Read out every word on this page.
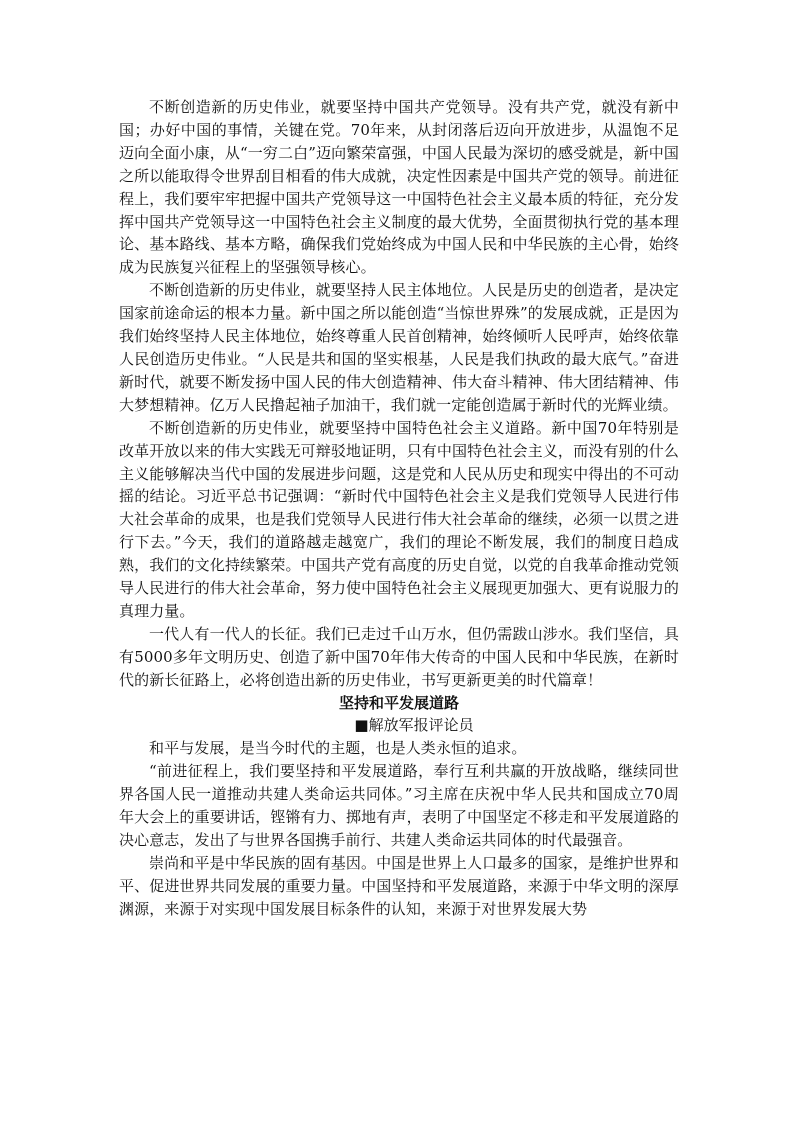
不断创造新的历史伟业，就要坚持中国共产党领导。没有共产党，就没有新中国；办好中国的事情，关键在党。70年来，从封闭落后迈向开放进步，从温饱不足迈向全面小康，从“一穷二白”迈向繁荣富强，中国人民最为深切的感受就是，新中国之所以能取得令世界刮目相看的伟大成就，决定性因素是中国共产党的领导。前进征程上，我们要牢牢把握中国共产党领导这一中国特色社会主义最本质的特征，充分发挥中国共产党领导这一中国特色社会主义制度的最大优势，全面贯彻执行党的基本理论、基本路线、基本方略，确保我们党始终成为中国人民和中华民族的主心骨，始终成为民族复兴征程上的坚强领导核心。

不断创造新的历史伟业，就要坚持人民主体地位。人民是历史的创造者，是决定国家前途命运的根本力量。新中国之所以能创造“当惊世界殊”的发展成就，正是因为我们始终坚持人民主体地位，始终尊重人民首创精神，始终倾听人民呼声，始终依靠人民创造历史伟业。“人民是共和国的坚实根基，人民是我们执政的最大底气。”奋进新时代，就要不断发扬中国人民的伟大创造精神、伟大奋斗精神、伟大团结精神、伟大梦想精神。亿万人民撸起袖子加油干，我们就一定能创造属于新时代的光辉业绩。

不断创造新的历史伟业，就要坚持中国特色社会主义道路。新中国70年特别是改革开放以来的伟大实践无可辩驳地证明，只有中国特色社会主义，而没有别的什么主义能够解决当代中国的发展进步问题，这是党和人民从历史和现实中得出的不可动摇的结论。习近平总书记强调：“新时代中国特色社会主义是我们党领导人民进行伟大社会革命的成果，也是我们党领导人民进行伟大社会革命的继续，必须一以贯之进行下去。”今天，我们的道路越走越宽广，我们的理论不断发展，我们的制度日趋成熟，我们的文化持续繁荣。中国共产党有高度的历史自觉，以党的自我革命推动党领导人民进行的伟大社会革命，努力使中国特色社会主义展现更加强大、更有说服力的真理力量。

一代人有一代人的长征。我们已走过千山万水，但仍需跋山涉水。我们坚信，具有5000多年文明历史、创造了新中国70年伟大传奇的中国人民和中华民族，在新时代的新长征路上，必将创造出新的历史伟业，书写更新更美的时代篇章！

坚持和平发展道路

■解放军报评论员

和平与发展，是当今时代的主题，也是人类永恒的追求。

“前进征程上，我们要坚持和平发展道路，奉行互利共赢的开放战略，继续同世界各国人民一道推动共建人类命运共同体。”习主席在庆祝中华人民共和国成立70周年大会上的重要讲话，铿锵有力、掷地有声，表明了中国坚定不移走和平发展道路的决心意志，发出了与世界各国携手前行、共建人类命运共同体的时代最强音。

崇尚和平是中华民族的固有基因。中国是世界上人口最多的国家，是维护世界和平、促进世界共同发展的重要力量。中国坚持和平发展道路，来源于中华文明的深厚渊源，来源于对实现中国发展目标条件的认知，来源于对世界发展大势
